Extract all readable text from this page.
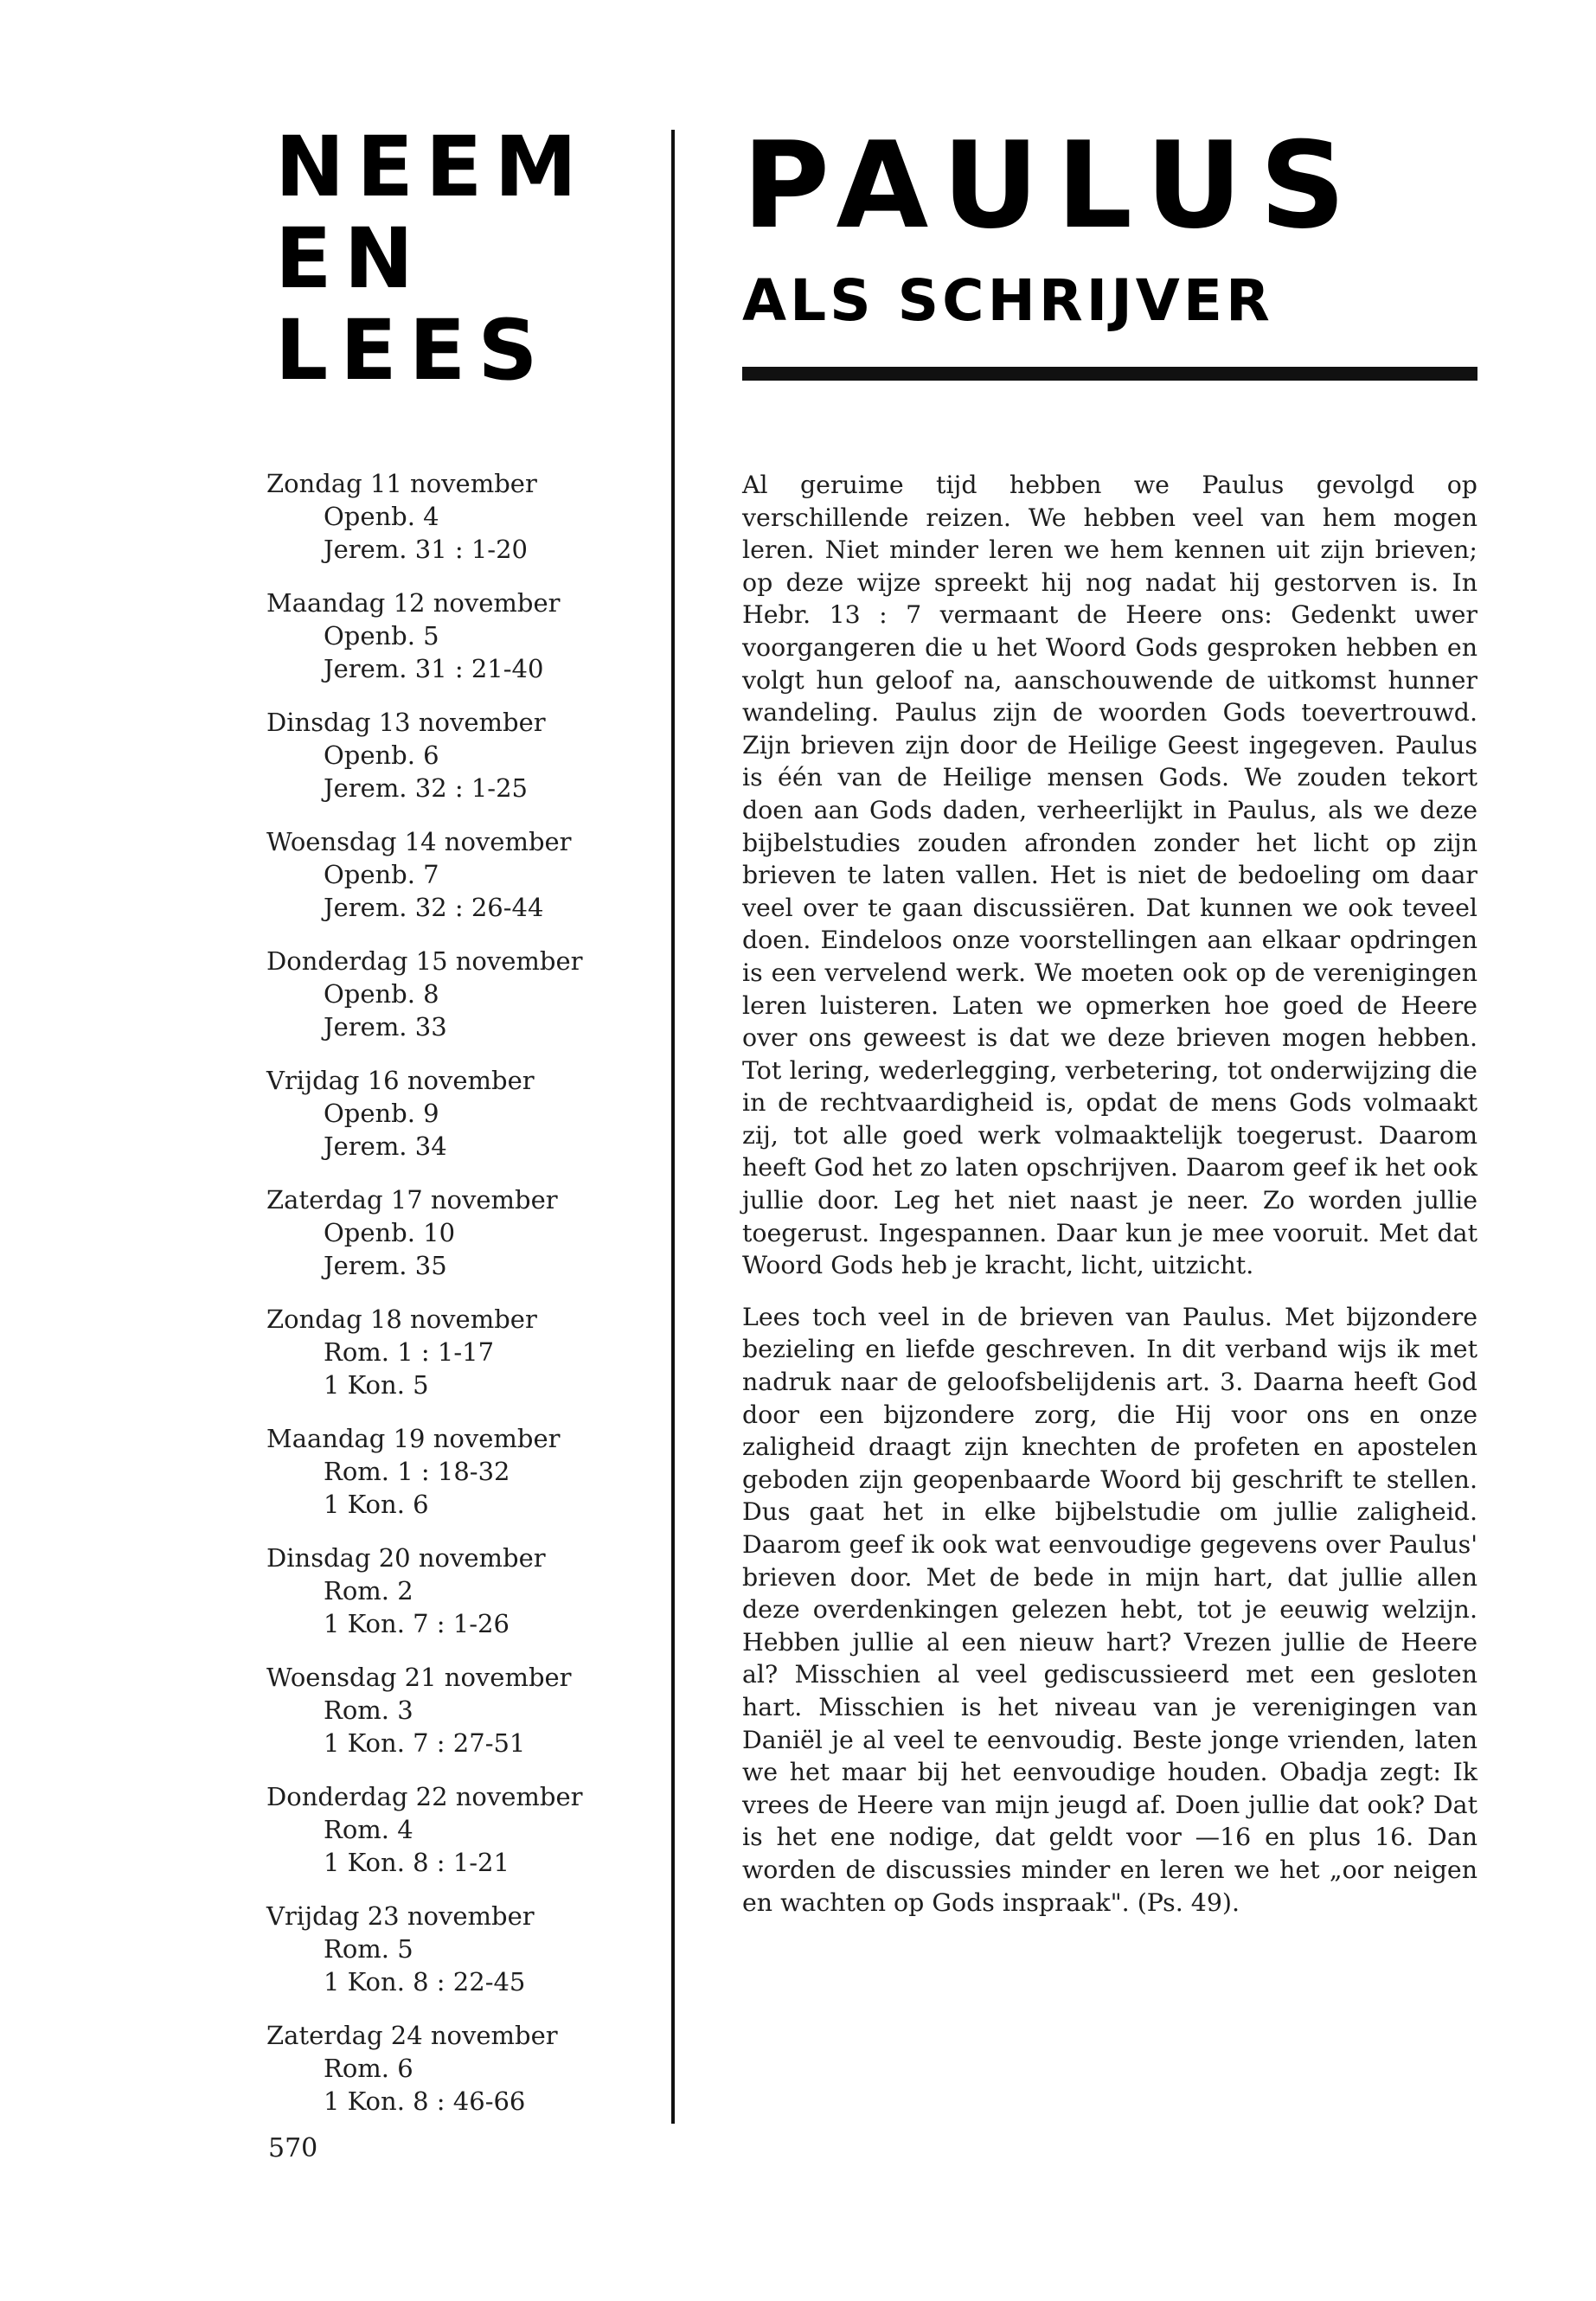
NEEM

EN

LEES

PAULUS

ALS SCHRIJVER

Zondag 11 november
Openb. 4
Jerem. 31 : 1-20
Maandag 12 november
Openb. 5
Jerem. 31 : 21-40
Dinsdag 13 november
Openb. 6
Jerem. 32 : 1-25
Woensdag 14 november
Openb. 7
Jerem. 32 : 26-44
Donderdag 15 november
Openb. 8
Jerem. 33
Vrijdag 16 november
Openb. 9
Jerem. 34
Zaterdag 17 november
Openb. 10
Jerem. 35
Zondag 18 november
Rom. 1 : 1-17
1 Kon. 5
Maandag 19 november
Rom. 1 : 18-32
1 Kon. 6
Dinsdag 20 november
Rom. 2
1 Kon. 7 : 1-26
Woensdag 21 november
Rom. 3
1 Kon. 7 : 27-51
Donderdag 22 november
Rom. 4
1 Kon. 8 : 1-21
Vrijdag 23 november
Rom. 5
1 Kon. 8 : 22-45
Zaterdag 24 november
Rom. 6
1 Kon. 8 : 46-66

Al geruime tijd hebben we Paulus gevolgd op verschillende reizen. We hebben veel van hem mogen leren. Niet minder leren we hem kennen uit zijn brieven; op deze wijze spreekt hij nog nadat hij gestorven is. In Hebr. 13 : 7 vermaant de Heere ons: Gedenkt uwer voorgangeren die u het Woord Gods gesproken hebben en volgt hun geloof na, aanschouwende de uitkomst hunner wandeling. Paulus zijn de woorden Gods toevertrouwd. Zijn brieven zijn door de Heilige Geest ingegeven. Paulus is één van de Heilige mensen Gods. We zouden tekort doen aan Gods daden, verheerlijkt in Paulus, als we deze bijbelstudies zouden afronden zonder het licht op zijn brieven te laten vallen. Het is niet de bedoeling om daar veel over te gaan discussiëren. Dat kunnen we ook teveel doen. Eindeloos onze voorstellingen aan elkaar opdringen is een vervelend werk. We moeten ook op de verenigingen leren luisteren. Laten we opmerken hoe goed de Heere over ons geweest is dat we deze brieven mogen hebben. Tot lering, wederlegging, verbetering, tot onderwijzing die in de rechtvaardigheid is, opdat de mens Gods volmaakt zij, tot alle goed werk volmaaktelijk toegerust. Daarom heeft God het zo laten opschrijven. Daarom geef ik het ook jullie door. Leg het niet naast je neer. Zo worden jullie toegerust. Ingespannen. Daar kun je mee vooruit. Met dat Woord Gods heb je kracht, licht, uitzicht.

Lees toch veel in de brieven van Paulus. Met bijzondere bezieling en liefde geschreven. In dit verband wijs ik met nadruk naar de geloofsbelijdenis art. 3. Daarna heeft God door een bijzondere zorg, die Hij voor ons en onze zaligheid draagt zijn knechten de profeten en apostelen geboden zijn geopenbaarde Woord bij geschrift te stellen. Dus gaat het in elke bijbelstudie om jullie zaligheid. Daarom geef ik ook wat eenvoudige gegevens over Paulus' brieven door. Met de bede in mijn hart, dat jullie allen deze overdenkingen gelezen hebt, tot je eeuwig welzijn. Hebben jullie al een nieuw hart? Vrezen jullie de Heere al? Misschien al veel gediscussieerd met een gesloten hart. Misschien is het niveau van je verenigingen van Daniël je al veel te eenvoudig. Beste jonge vrienden, laten we het maar bij het eenvoudige houden. Obadja zegt: Ik vrees de Heere van mijn jeugd af. Doen jullie dat ook? Dat is het ene nodige, dat geldt voor —16 en plus 16. Dan worden de discussies minder en leren we het „oor neigen en wachten op Gods inspraak". (Ps. 49).

570
